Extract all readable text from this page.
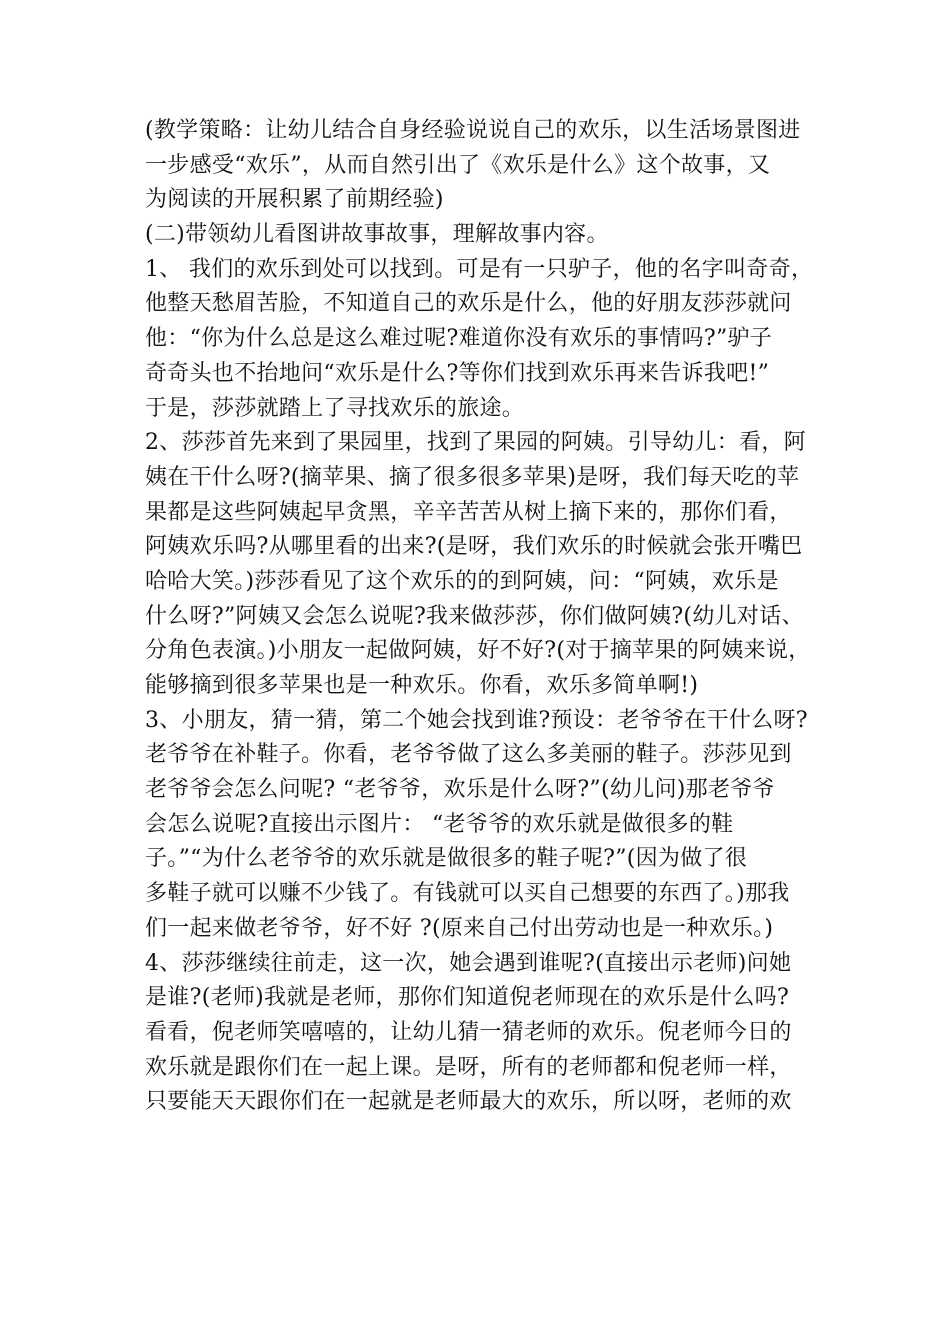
(教学策略：让幼儿结合自身经验说说自己的欢乐，以生活场景图进
一步感受“欢乐”，从而自然引出了《欢乐是什么》这个故事，又
为阅读的开展积累了前期经验)
(二)带领幼儿看图讲故事故事，理解故事内容。
1、 我们的欢乐到处可以找到。可是有一只驴子，他的名字叫奇奇，
他整天愁眉苦脸，不知道自己的欢乐是什么，他的好朋友莎莎就问
他：“你为什么总是这么难过呢?难道你没有欢乐的事情吗?”驴子
奇奇头也不抬地问“欢乐是什么?等你们找到欢乐再来告诉我吧!”
于是，莎莎就踏上了寻找欢乐的旅途。
2、莎莎首先来到了果园里，找到了果园的阿姨。引导幼儿：看，阿
姨在干什么呀?(摘苹果、摘了很多很多苹果)是呀，我们每天吃的苹
果都是这些阿姨起早贪黑，辛辛苦苦从树上摘下来的，那你们看，
阿姨欢乐吗?从哪里看的出来?(是呀，我们欢乐的时候就会张开嘴巴
哈哈大笑。)莎莎看见了这个欢乐的的到阿姨，问：“阿姨，欢乐是
什么呀?”阿姨又会怎么说呢?我来做莎莎，你们做阿姨?(幼儿对话、
分角色表演。)小朋友一起做阿姨，好不好?(对于摘苹果的阿姨来说，
能够摘到很多苹果也是一种欢乐。你看，欢乐多简单啊!)
3、小朋友，猜一猜，第二个她会找到谁?预设：老爷爷在干什么呀?
老爷爷在补鞋子。你看，老爷爷做了这么多美丽的鞋子。莎莎见到
老爷爷会怎么问呢? “老爷爷，欢乐是什么呀?”(幼儿问)那老爷爷
会怎么说呢?直接出示图片： “老爷爷的欢乐就是做很多的鞋
子。”“为什么老爷爷的欢乐就是做很多的鞋子呢?”(因为做了很
多鞋子就可以赚不少钱了。有钱就可以买自己想要的东西了。)那我
们一起来做老爷爷，好不好 ?(原来自己付出劳动也是一种欢乐。)
4、莎莎继续往前走，这一次，她会遇到谁呢?(直接出示老师)问她
是谁?(老师)我就是老师，那你们知道倪老师现在的欢乐是什么吗?
看看，倪老师笑嘻嘻的，让幼儿猜一猜老师的欢乐。倪老师今日的
欢乐就是跟你们在一起上课。是呀，所有的老师都和倪老师一样，
只要能天天跟你们在一起就是老师最大的欢乐，所以呀，老师的欢
